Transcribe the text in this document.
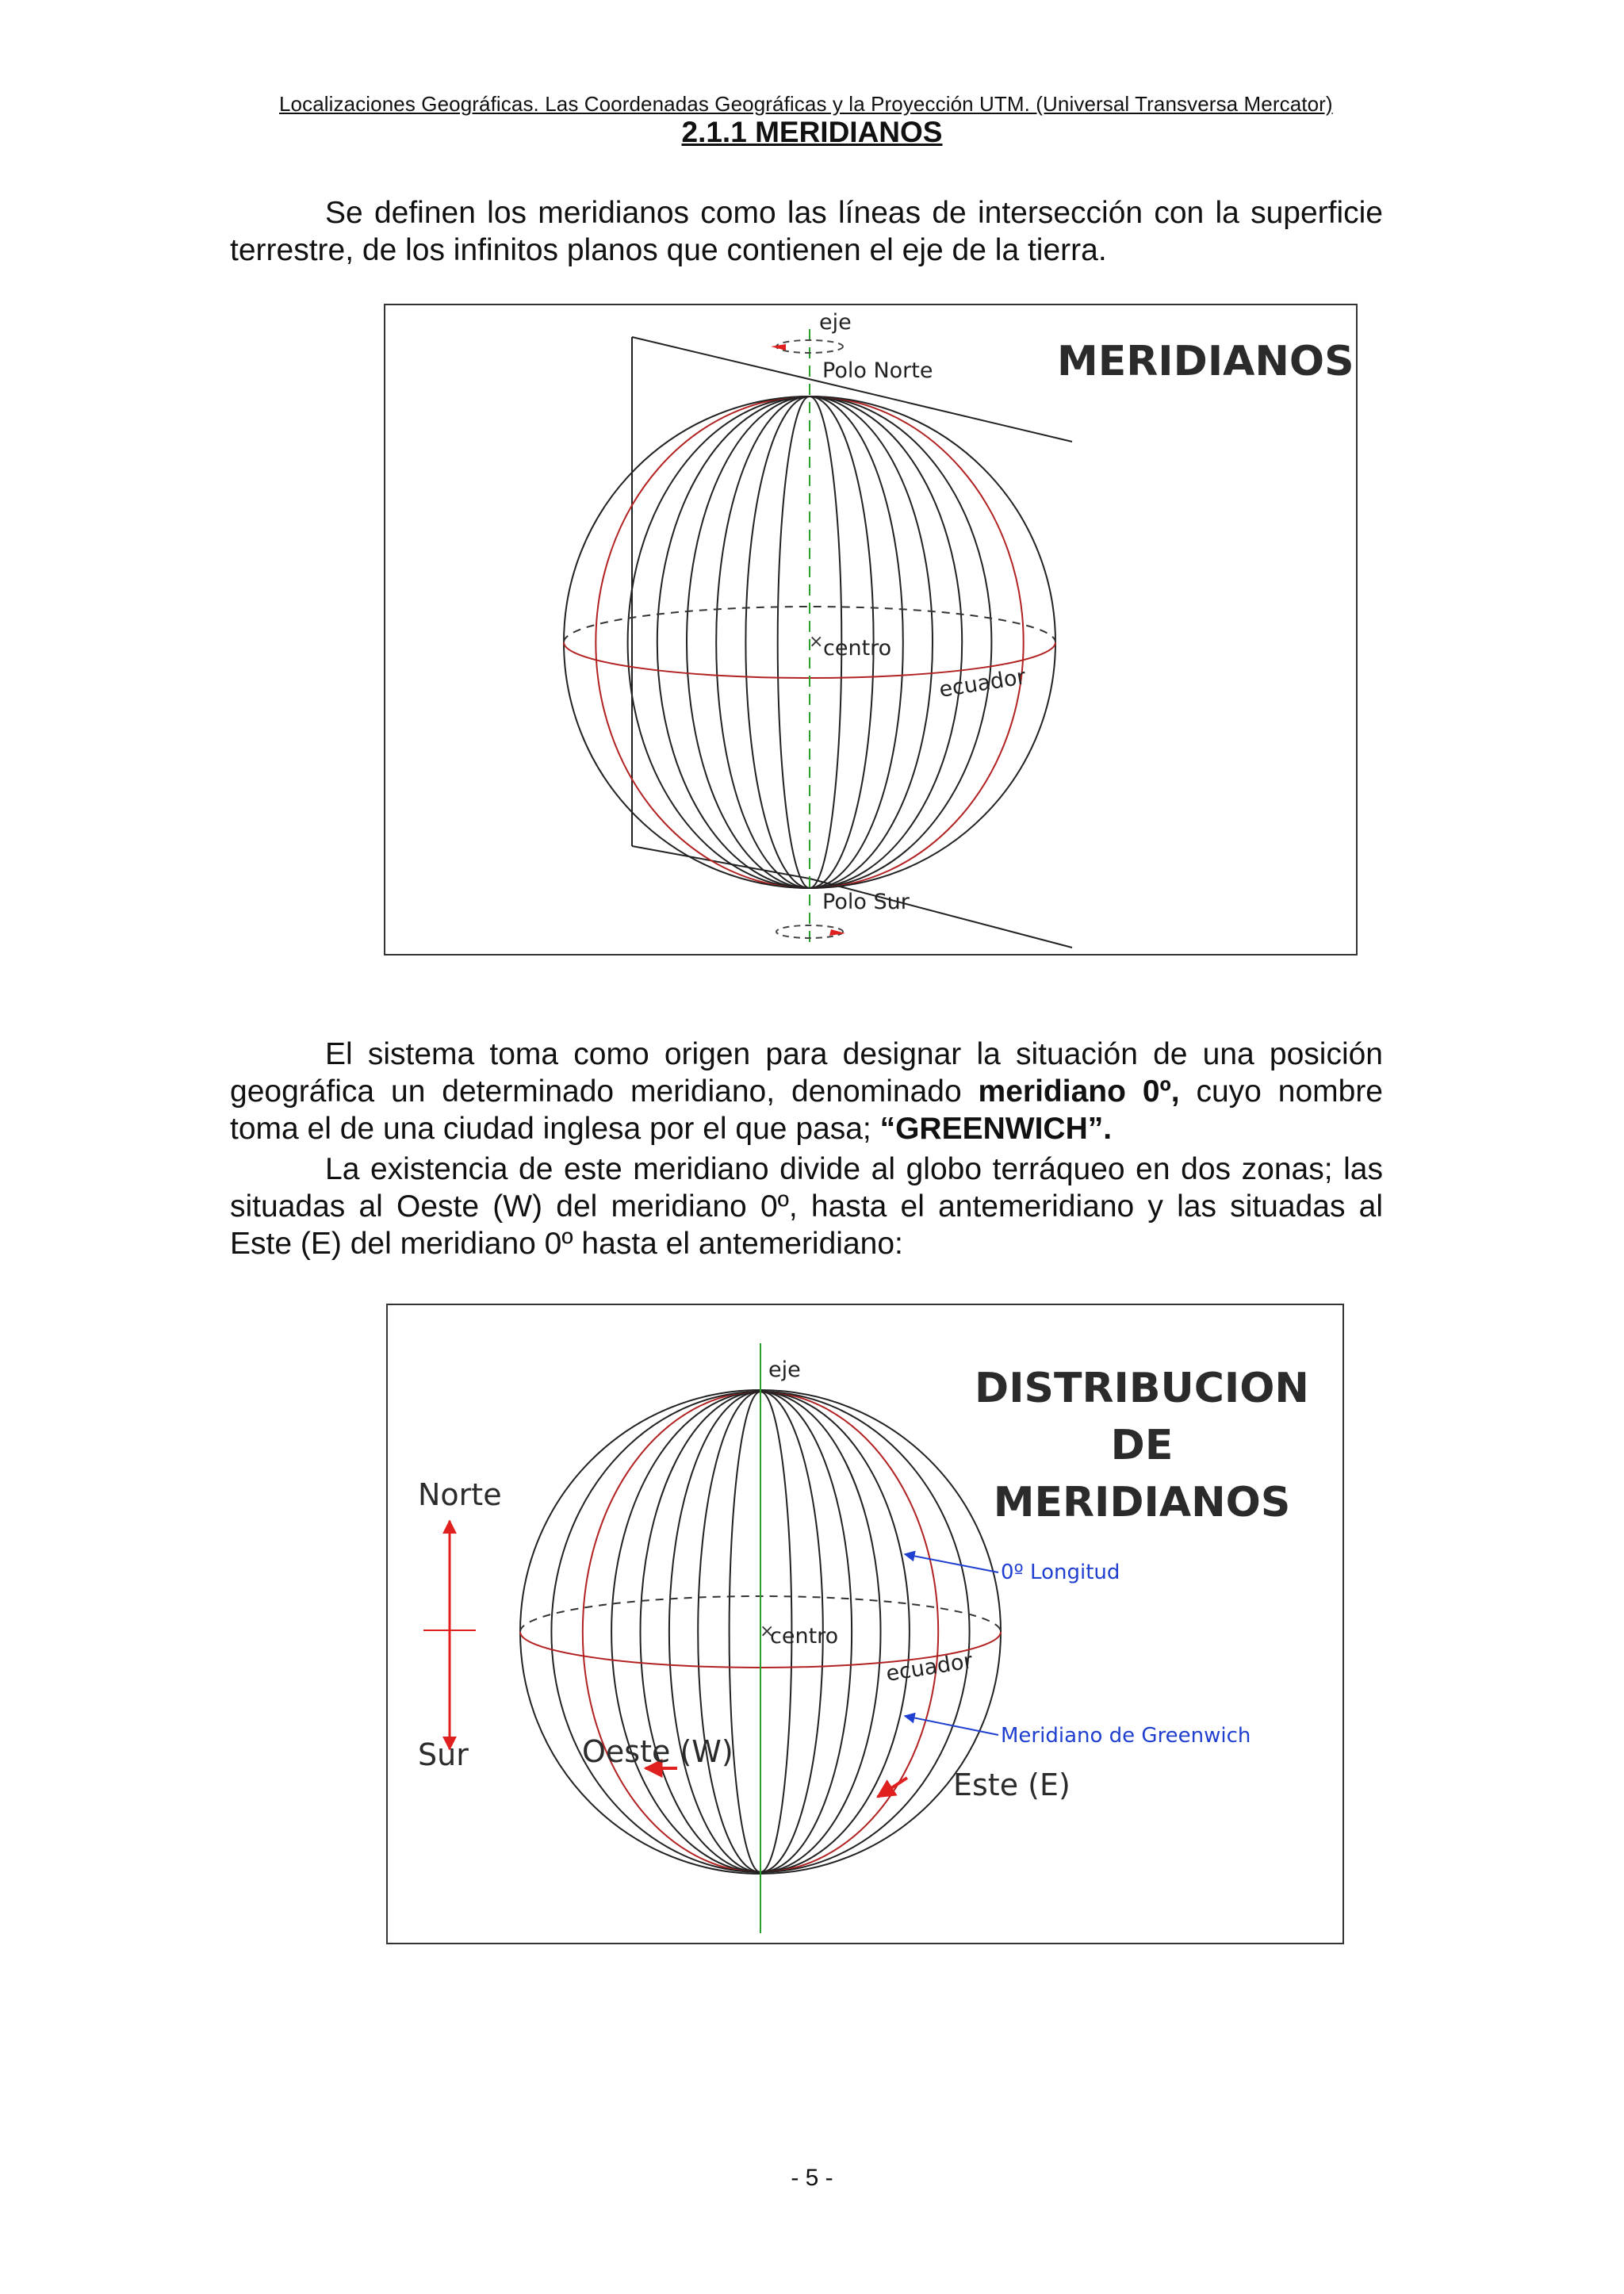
Localizaciones Geográficas. Las Coordenadas Geográficas y la Proyección UTM. (Universal Transversa Mercator)
2.1.1 MERIDIANOS

Se definen los meridianos como las líneas de intersección con la superficie terrestre, de los infinitos planos que contienen el eje de la tierra.

×
eje
Polo Norte
centro
ecuador
Polo Sur
MERIDIANOS

El sistema toma como origen para designar la situación de una posición geográfica un determinado meridiano, denominado meridiano 0º, cuyo nombre toma el de una ciudad inglesa por el que pasa; “GREENWICH”.

La existencia de este meridiano divide al globo terráqueo en dos zonas; las situadas al Oeste (W) del meridiano 0º, hasta el antemeridiano y las situadas al Este (E) del meridiano 0º hasta el antemeridiano:

×
eje
Norte
Sur
centro
ecuador
0º Longitud
Meridiano de Greenwich
Oeste (W)
Este (E)
DISTRIBUCION
DE
MERIDIANOS
- 5 -
